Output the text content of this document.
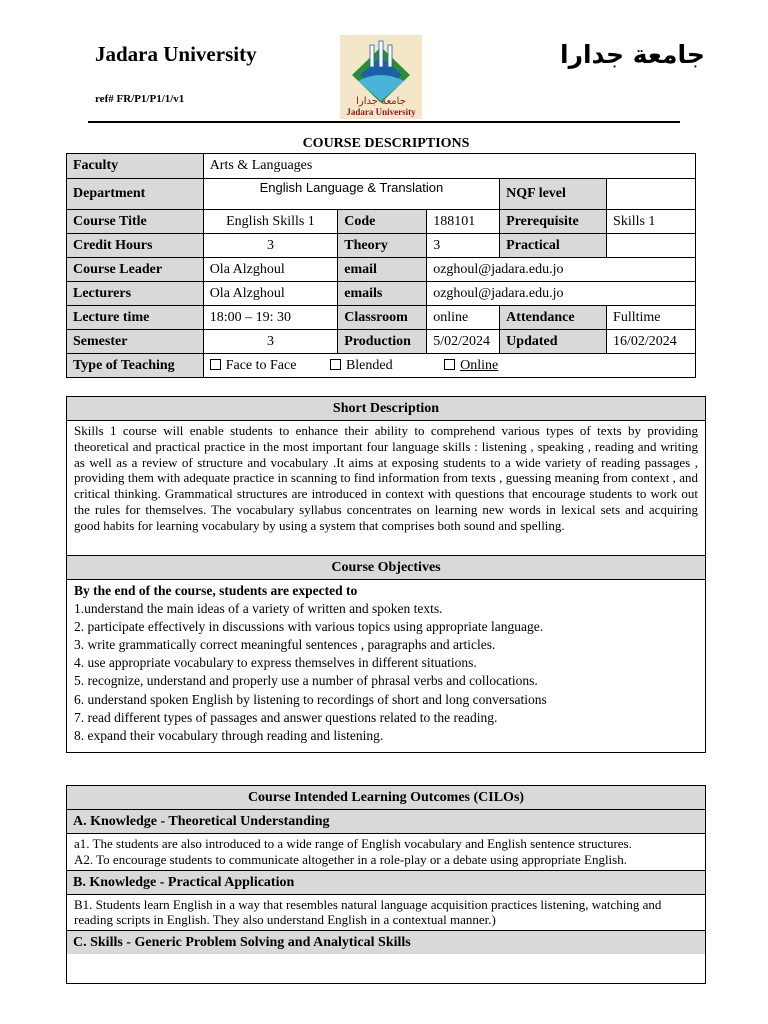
Jadara University	جامعة جدارا
ref# FR/P1/P1/1/v1	جامعة جدارا
Jadara University
COURSE DESCRIPTIONS
Faculty	Arts & Languages				
Department	English Language & Translation			NQF level	
Course Title	English Skills 1	Code	188101	Prerequisite	Skills 1
Credit Hours	3	Theory	3	Practical	
Course Leader	Ola Alzghoul	email	ozghoul@jadara.edu.jo		
Lecturers	Ola Alzghoul	emails	ozghoul@jadara.edu.jo		
Lecture time	18:00 – 19: 30	Classroom	online	Attendance	Fulltime
Semester	3	Production	5/02/2024	Updated	16/02/2024
Type of Teaching	Face to Face Blended Online				
Short Description
Skills 1 course will enable students to enhance their ability to comprehend various types of texts by providing theoretical and practical practice in the most important four language skills : listening , speaking , reading and writing as well as a review of structure and vocabulary .It aims at exposing students to a wide variety of reading passages , providing them with adequate practice in scanning to find information from texts , guessing meaning from context , and critical thinking. Grammatical structures are introduced in context with questions that encourage students to work out the rules for themselves. The vocabulary syllabus concentrates on learning new words in lexical sets and acquiring good habits for learning vocabulary by using a system that comprises both sound and spelling.
Course Objectives
By the end of the course, students are expected to
1.understand the main ideas of a variety of written and spoken texts.
2. participate effectively in discussions with various topics using appropriate language.
3. write grammatically correct meaningful sentences , paragraphs and articles.
4. use appropriate vocabulary to express themselves in different situations.
5. recognize, understand and properly use a number of phrasal verbs and collocations.
6. understand spoken English by listening to recordings of short and long conversations
7. read different types of passages and answer questions related to the reading.
8. expand their vocabulary through reading and listening.
Course Intended Learning Outcomes (CILOs)
A. Knowledge - Theoretical Understanding
a1. The students are also introduced to a wide range of English vocabulary and English sentence structures.
A2. To encourage students to communicate altogether in a role-play or a debate using appropriate English.
B. Knowledge - Practical Application
B1. Students learn English in a way that resembles natural language acquisition practices listening, watching and reading scripts in English. They also understand English in a contextual manner.)
C. Skills - Generic Problem Solving and Analytical Skills
